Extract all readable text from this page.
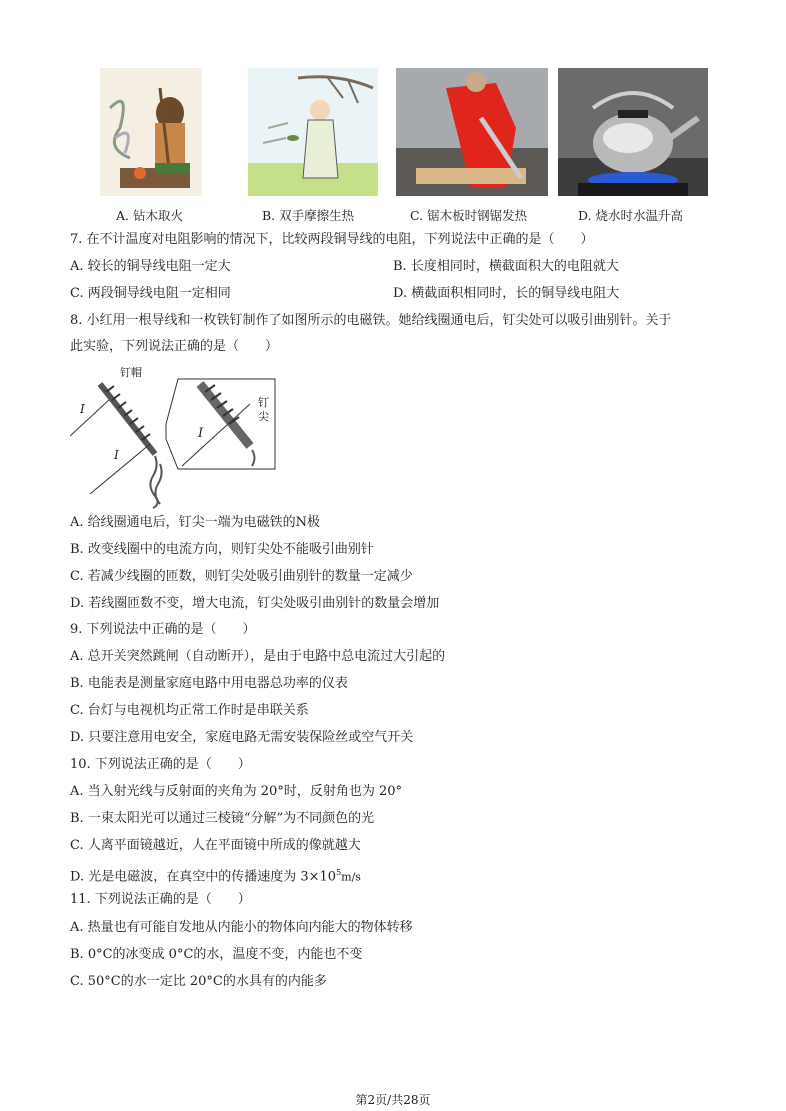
A. 钻木取火	B. 双手摩擦生热	C. 锯木板时钢锯发热	D. 烧水时水温升高
7. 在不计温度对电阻影响的情况下，比较两段铜导线的电阻，下列说法中正确的是（　　）
A. 较长的铜导线电阻一定大	B. 长度相同时，横截面积大的电阻就大
C. 两段铜导线电阻一定相同	D. 横截面积相同时，长的铜导线电阻大
8. 小红用一根导线和一枚铁钉制作了如图所示的电磁铁。她给线圈通电后，钉尖处可以吸引曲别针。关于
此实验，下列说法正确的是（　　）
钉帽
钉
尖
I
I
I
A. 给线圈通电后，钉尖一端为电磁铁的N极
B. 改变线圈中的电流方向，则钉尖处不能吸引曲别针
C. 若减少线圈的匝数，则钉尖处吸引曲别针的数量一定减少
D. 若线圈匝数不变，增大电流，钉尖处吸引曲别针的数量会增加
9. 下列说法中正确的是（　　）
A. 总开关突然跳闸（自动断开），是由于电路中总电流过大引起的
B. 电能表是测量家庭电路中用电器总功率的仪表
C. 台灯与电视机均正常工作时是串联关系
D. 只要注意用电安全，家庭电路无需安装保险丝或空气开关
10. 下列说法正确的是（　　）
A. 当入射光线与反射面的夹角为 20°时，反射角也为 20°
B. 一束太阳光可以通过三棱镜“分解”为不同颜色的光
C. 人离平面镜越近，人在平面镜中所成的像就越大
D. 光是电磁波，在真空中的传播速度为 $3\times 10^5m/s$
11. 下列说法正确的是（　　）
A. 热量也有可能自发地从内能小的物体向内能大的物体转移
B. 0°C的冰变成 0°C的水，温度不变，内能也不变
C. 50°C的水一定比 20°C的水具有的内能多
第2页/共28页
